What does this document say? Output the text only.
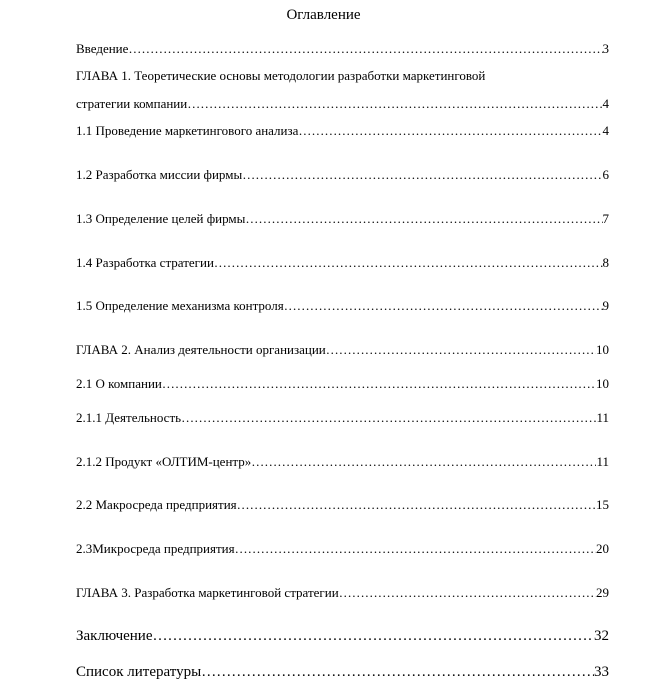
Оглавление
Введение ……………………………………………………………………………………………………………………………………………………………………………………………………………	3
ГЛАВА 1. Теоретические основы методологии разработки маркетинговой
стратегии компании ……………………………………………………………………………………………………………………………………………………………………………………………………………	4
1.1 Проведение маркетингового анализа ……………………………………………………………………………………………………………………………………………………………………………………………………………	4
1.2 Разработка миссии фирмы ……………………………………………………………………………………………………………………………………………………………………………………………………………	6
1.3 Определение целей фирмы ……………………………………………………………………………………………………………………………………………………………………………………………………………	7
1.4 Разработка стратегии ……………………………………………………………………………………………………………………………………………………………………………………………………………	8
1.5 Определение механизма контроля ……………………………………………………………………………………………………………………………………………………………………………………………………………	9
ГЛАВА 2. Анализ деятельности организации ……………………………………………………………………………………………………………………………………………………………………………………………………………	10
2.1 О компании ……………………………………………………………………………………………………………………………………………………………………………………………………………	10
2.1.1 Деятельность ……………………………………………………………………………………………………………………………………………………………………………………………………………	11
2.1.2 Продукт «ОЛТИМ-центр» ……………………………………………………………………………………………………………………………………………………………………………………………………………	11
2.2 Макросреда предприятия ……………………………………………………………………………………………………………………………………………………………………………………………………………	15
2.3Микросреда предприятия ……………………………………………………………………………………………………………………………………………………………………………………………………………	20
ГЛАВА 3. Разработка маркетинговой стратегии ……………………………………………………………………………………………………………………………………………………………………………………………………………	29
Заключение ……………………………………………………………………………………………………………………………………………………………………………………………………………	32
Список литературы ……………………………………………………………………………………………………………………………………………………………………………………………………………	33
